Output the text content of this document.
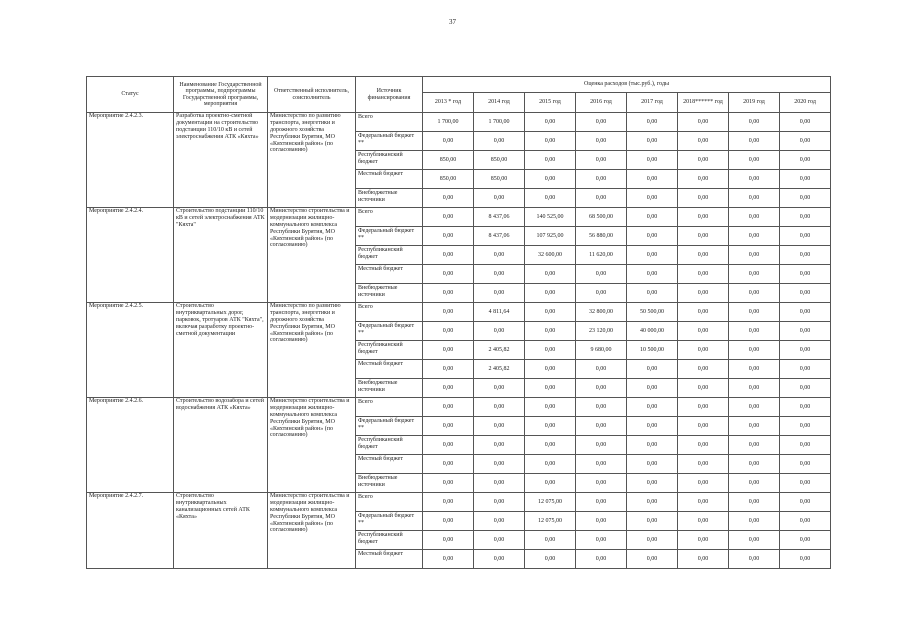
37
Статус	Наименование Государственной программы, подпрограммы Государственной программы, мероприятия	Ответственный исполнитель, соисполнитель	Источник финансирования	Оценка расходов (тыс.руб.), годы							
				2013 * год	2014 год	2015 год	2016 год	2017 год	2018****** год	2019 год	2020 год
Мероприятие 2.4.2.3.	Разработка проектно-сметной документации на строительство подстанции 110/10 кВ и сетей электроснабжения АТК «Кяхта»	Министерство по развитию транспорта, энергетики и дорожного хозяйства Республики Бурятия, МО «Кяхтинский район» (по согласованию)	Всего	1 700,00	1 700,00	0,00	0,00	0,00	0,00	0,00	0,00
			Федеральный бюджет **	0,00	0,00	0,00	0,00	0,00	0,00	0,00	0,00
			Республиканский бюджет	850,00	850,00	0,00	0,00	0,00	0,00	0,00	0,00
			Местный бюджет	850,00	850,00	0,00	0,00	0,00	0,00	0,00	0,00
			Внебюджетные источники	0,00	0,00	0,00	0,00	0,00	0,00	0,00	0,00
Мероприятие 2.4.2.4.	Строительство подстанции 110/10 кВ и сетей электроснабжения АТК "Кяхта"	Министерство строительства и модернизации жилищно-коммунального комплекса Республики Бурятия, МО «Кяхтинский район» (по согласованию)	Всего	0,00	8 437,06	140 525,00	68 500,00	0,00	0,00	0,00	0,00
			Федеральный бюджет **	0,00	8 437,06	107 925,00	56 880,00	0,00	0,00	0,00	0,00
			Республиканский бюджет	0,00	0,00	32 600,00	11 620,00	0,00	0,00	0,00	0,00
			Местный бюджет	0,00	0,00	0,00	0,00	0,00	0,00	0,00	0,00
			Внебюджетные источники	0,00	0,00	0,00	0,00	0,00	0,00	0,00	0,00
Мероприятие 2.4.2.5.	Строительство внутриквартальных дорог, парковок, тротуаров АТК "Кяхта", включая разработку проектно-сметной документации	Министерство по развитию транспорта, энергетики и дорожного хозяйства Республики Бурятия, МО «Кяхтинский район» (по согласованию)	Всего	0,00	4 811,64	0,00	32 800,00	50 500,00	0,00	0,00	0,00
			Федеральный бюджет **	0,00	0,00	0,00	23 120,00	40 000,00	0,00	0,00	0,00
			Республиканский бюджет	0,00	2 405,82	0,00	9 680,00	10 500,00	0,00	0,00	0,00
			Местный бюджет	0,00	2 405,82	0,00	0,00	0,00	0,00	0,00	0,00
			Внебюджетные источники	0,00	0,00	0,00	0,00	0,00	0,00	0,00	0,00
Мероприятие 2.4.2.6.	Строительство водозабора и сетей водоснабжения АТК «Кяхта»	Министерство строительства и модернизации жилищно-коммунального комплекса Республики Бурятия, МО «Кяхтинский район» (по согласованию)	Всего	0,00	0,00	0,00	0,00	0,00	0,00	0,00	0,00
			Федеральный бюджет **	0,00	0,00	0,00	0,00	0,00	0,00	0,00	0,00
			Республиканский бюджет	0,00	0,00	0,00	0,00	0,00	0,00	0,00	0,00
			Местный бюджет	0,00	0,00	0,00	0,00	0,00	0,00	0,00	0,00
			Внебюджетные источники	0,00	0,00	0,00	0,00	0,00	0,00	0,00	0,00
Мероприятие 2.4.2.7.	Строительство внутриквартальных канализационных сетей АТК «Кяхта»	Министерство строительства и модернизации жилищно-коммунального комплекса Республики Бурятия, МО «Кяхтинский район» (по согласованию)	Всего	0,00	0,00	12 075,00	0,00	0,00	0,00	0,00	0,00
			Федеральный бюджет **	0,00	0,00	12 075,00	0,00	0,00	0,00	0,00	0,00
			Республиканский бюджет	0,00	0,00	0,00	0,00	0,00	0,00	0,00	0,00
			Местный бюджет	0,00	0,00	0,00	0,00	0,00	0,00	0,00	0,00
